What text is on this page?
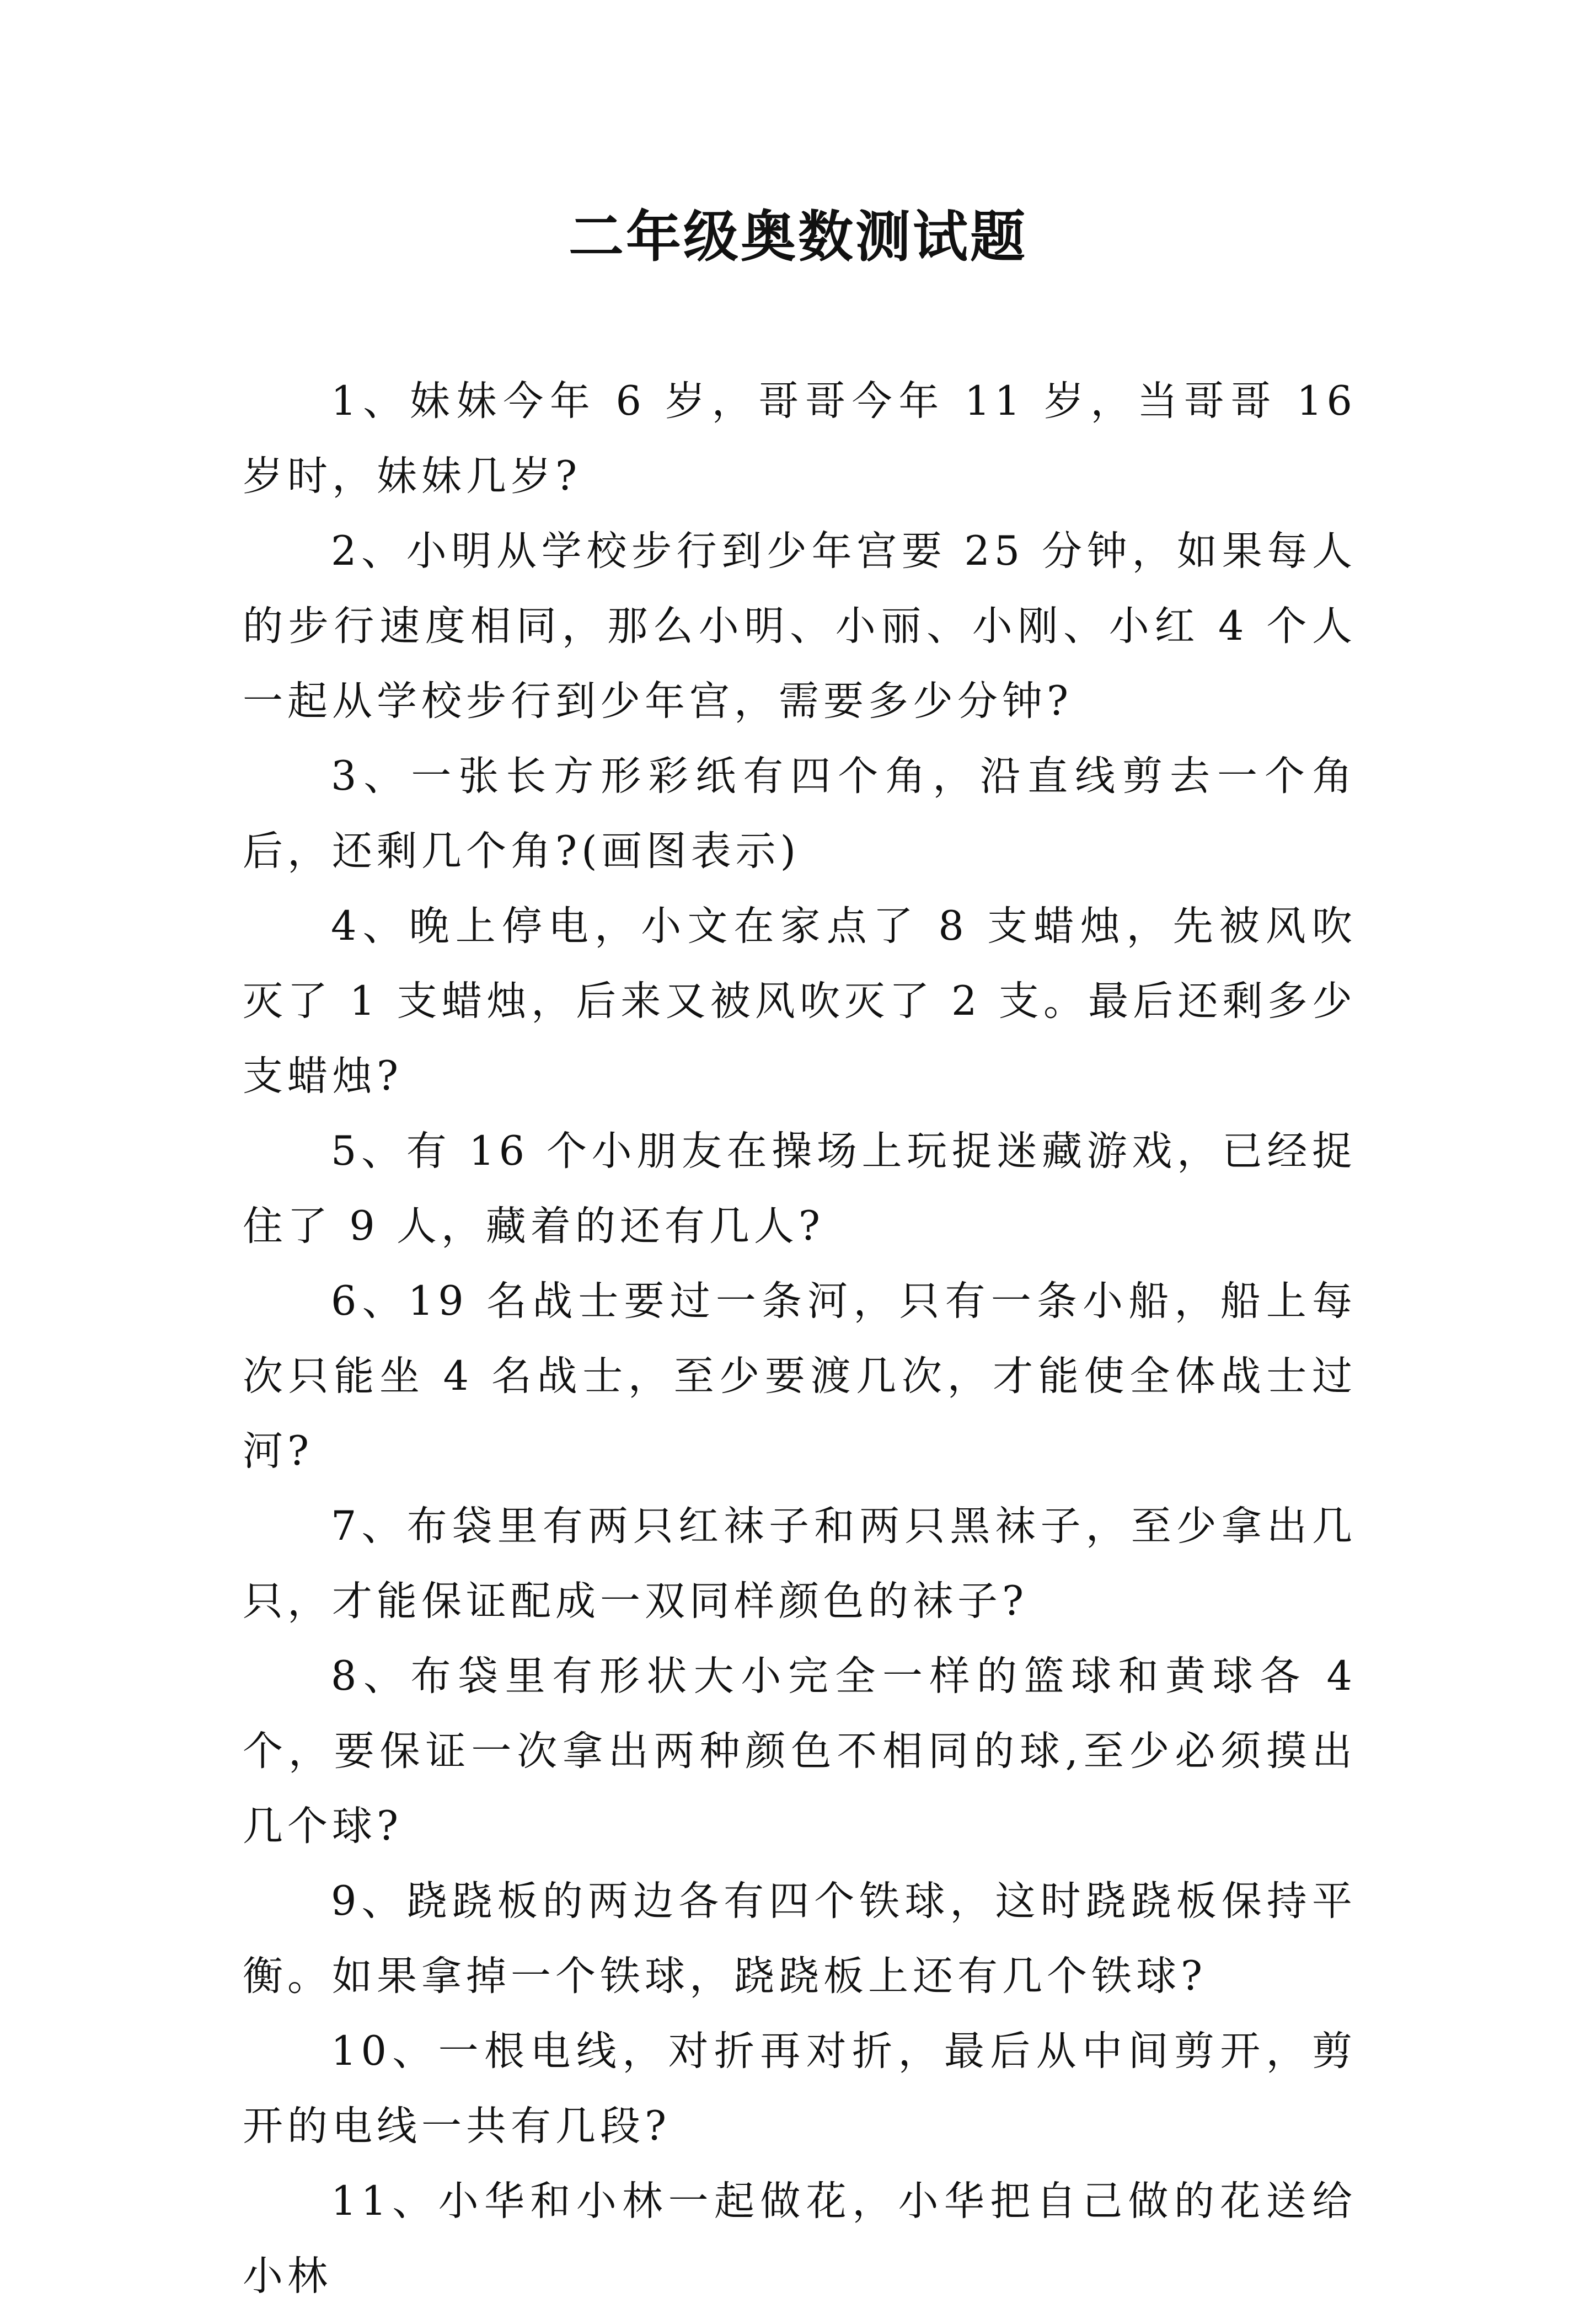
二年级奥数测试题
1、妹妹今年 6 岁，哥哥今年 11 岁，当哥哥 16 岁时，妹妹几岁?
2、小明从学校步行到少年宫要 25 分钟，如果每人的步行速度相同，那么小明、小丽、小刚、小红 4 个人一起从学校步行到少年宫，需要多少分钟?
3、一张长方形彩纸有四个角，沿直线剪去一个角后，还剩几个角?(画图表示)
4、晚上停电，小文在家点了 8 支蜡烛，先被风吹灭了 1 支蜡烛，后来又被风吹灭了 2 支。最后还剩多少支蜡烛?
5、有 16 个小朋友在操场上玩捉迷藏游戏，已经捉住了 9 人，藏着的还有几人?
6、19 名战士要过一条河，只有一条小船，船上每次只能坐 4 名战士，至少要渡几次，才能使全体战士过河?
7、布袋里有两只红袜子和两只黑袜子，至少拿出几只，才能保证配成一双同样颜色的袜子?
8、布袋里有形状大小完全一样的篮球和黄球各 4 个，要保证一次拿出两种颜色不相同的球,至少必须摸出几个球?
9、跷跷板的两边各有四个铁球，这时跷跷板保持平衡。如果拿掉一个铁球，跷跷板上还有几个铁球?
10、一根电线，对折再对折，最后从中间剪开，剪开的电线一共有几段?
11、小华和小林一起做花，小华把自己做的花送给小林
